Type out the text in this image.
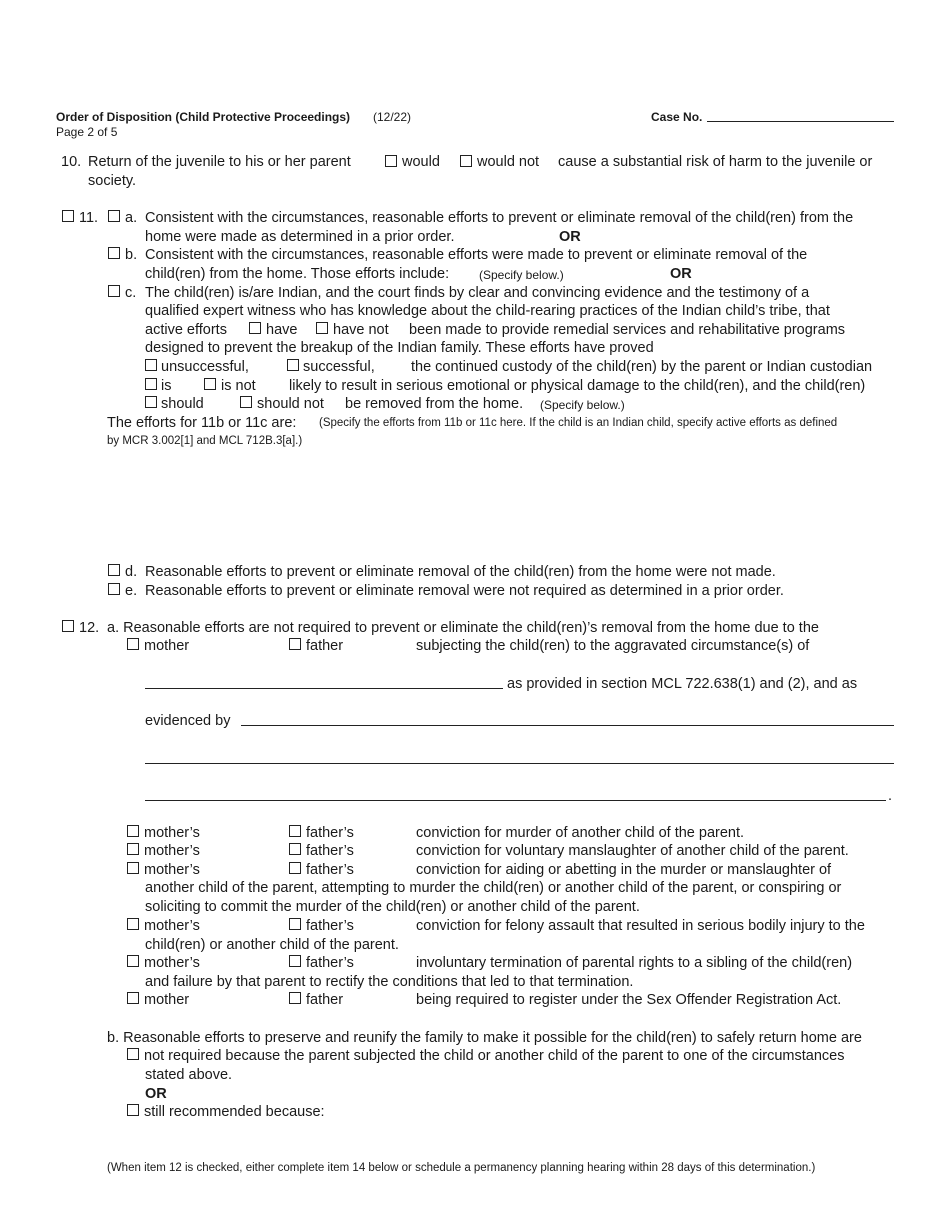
Order of Disposition (Child Protective Proceedings) (12/22)
Page 2 of 5
Case No.
10. Return of the juvenile to his or her parent	would	would not cause a substantial risk of harm to the juvenile or
society.
11. a. Consistent with the circumstances, reasonable efforts to prevent or eliminate removal of the child(ren) from the
home were made as determined in a prior order.	OR
b. Consistent with the circumstances, reasonable efforts were made to prevent or eliminate removal of the
child(ren) from the home. Those efforts include: (Specify below.)	OR
c. The child(ren) is/are Indian, and the court finds by clear and convincing evidence and the testimony of a
qualified expert witness who has knowledge about the child-rearing practices of the Indian child’s tribe, that
active efforts	have have not been made to provide remedial services and rehabilitative programs
designed to prevent the breakup of the Indian family. These efforts have proved
unsuccessful,	successful,	the continued custody of the child(ren) by the parent or Indian custodian
is	is not likely to result in serious emotional or physical damage to the child(ren), and the child(ren)
should	should not be removed from the home. (Specify below.)
The efforts for 11b or 11c are: (Specify the efforts from 11b or 11c here. If the child is an Indian child, specify active efforts as defined
by MCR 3.002[1] and MCL 712B.3[a].)
d. Reasonable efforts to prevent or eliminate removal of the child(ren) from the home were not made.
e. Reasonable efforts to prevent or eliminate removal were not required as determined in a prior order.
12. a. Reasonable efforts are not required to prevent or eliminate the child(ren)’s removal from the home due to the
mother	father	subjecting the child(ren) to the aggravated circumstance(s) of
as provided in section MCL 722.638(1) and (2), and as
evidenced by
.
mother’s	father’s	conviction for murder of another child of the parent.
mother’s	father’s	conviction for voluntary manslaughter of another child of the parent.
mother’s	father’s	conviction for aiding or abetting in the murder or manslaughter of
another child of the parent, attempting to murder the child(ren) or another child of the parent, or conspiring or
soliciting to commit the murder of the child(ren) or another child of the parent.
mother’s	father’s	conviction for felony assault that resulted in serious bodily injury to the
child(ren) or another child of the parent.
mother’s	father’s	involuntary termination of parental rights to a sibling of the child(ren)
and failure by that parent to rectify the conditions that led to that termination.
mother	father	being required to register under the Sex Offender Registration Act.
b. Reasonable efforts to preserve and reunify the family to make it possible for the child(ren) to safely return home are
not required because the parent subjected the child or another child of the parent to one of the circumstances
stated above.
OR
still recommended because:
(When item 12 is checked, either complete item 14 below or schedule a permanency planning hearing within 28 days of this determination.)
